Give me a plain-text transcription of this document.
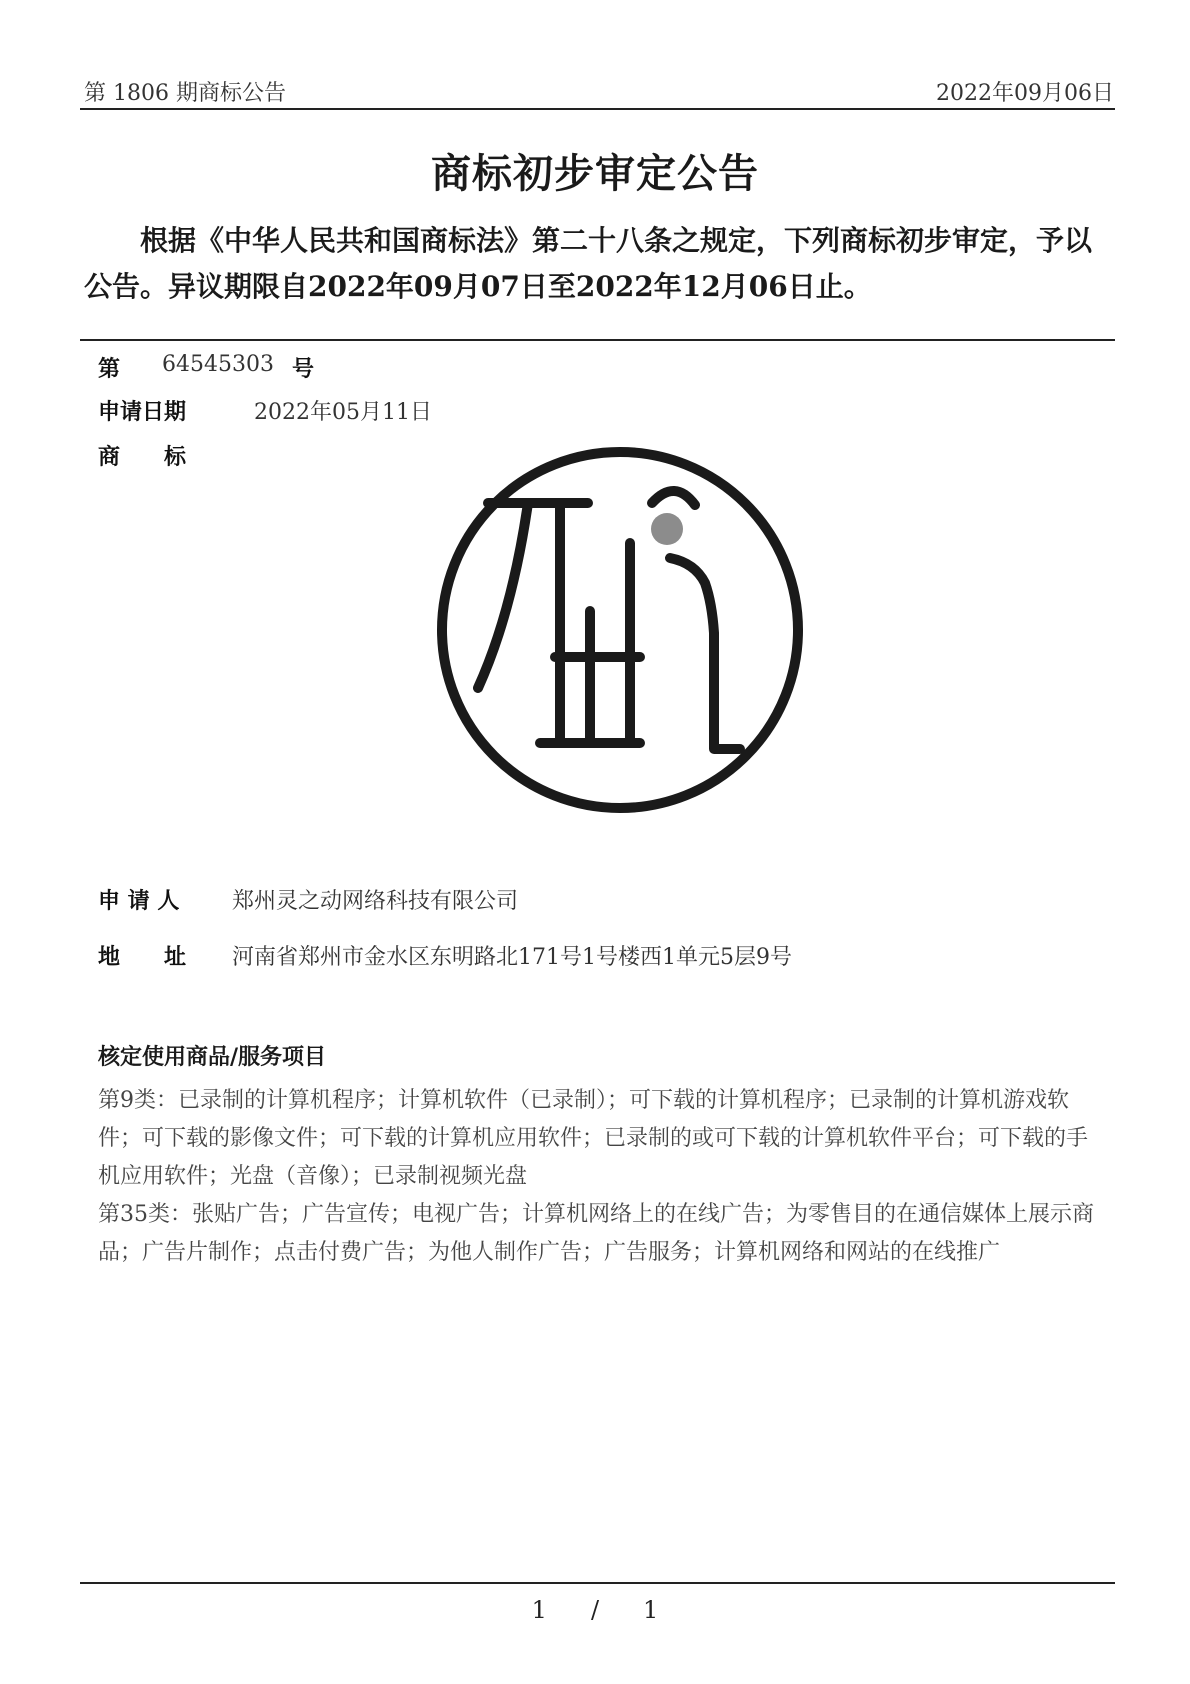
第 1806 期商标公告	2022年09月06日
商标初步审定公告
根据《中华人民共和国商标法》第二十八条之规定，下列商标初步审定，予以公告。异议期限自2022年09月07日至2022年12月06日止。
第 64545303 号
申请日期	2022年05月11日
商　　标
申 请 人 郑州灵之动网络科技有限公司
地　　址 河南省郑州市金水区东明路北171号1号楼西1单元5层9号
核定使用商品/服务项目
第9类：已录制的计算机程序；计算机软件（已录制）；可下载的计算机程序；已录制的计算机游戏软件；可下载的影像文件；可下载的计算机应用软件；已录制的或可下载的计算机软件平台；可下载的手机应用软件；光盘（音像）；已录制视频光盘
第35类：张贴广告；广告宣传；电视广告；计算机网络上的在线广告；为零售目的在通信媒体上展示商品；广告片制作；点击付费广告；为他人制作广告；广告服务；计算机网络和网站的在线推广
1 / 1
